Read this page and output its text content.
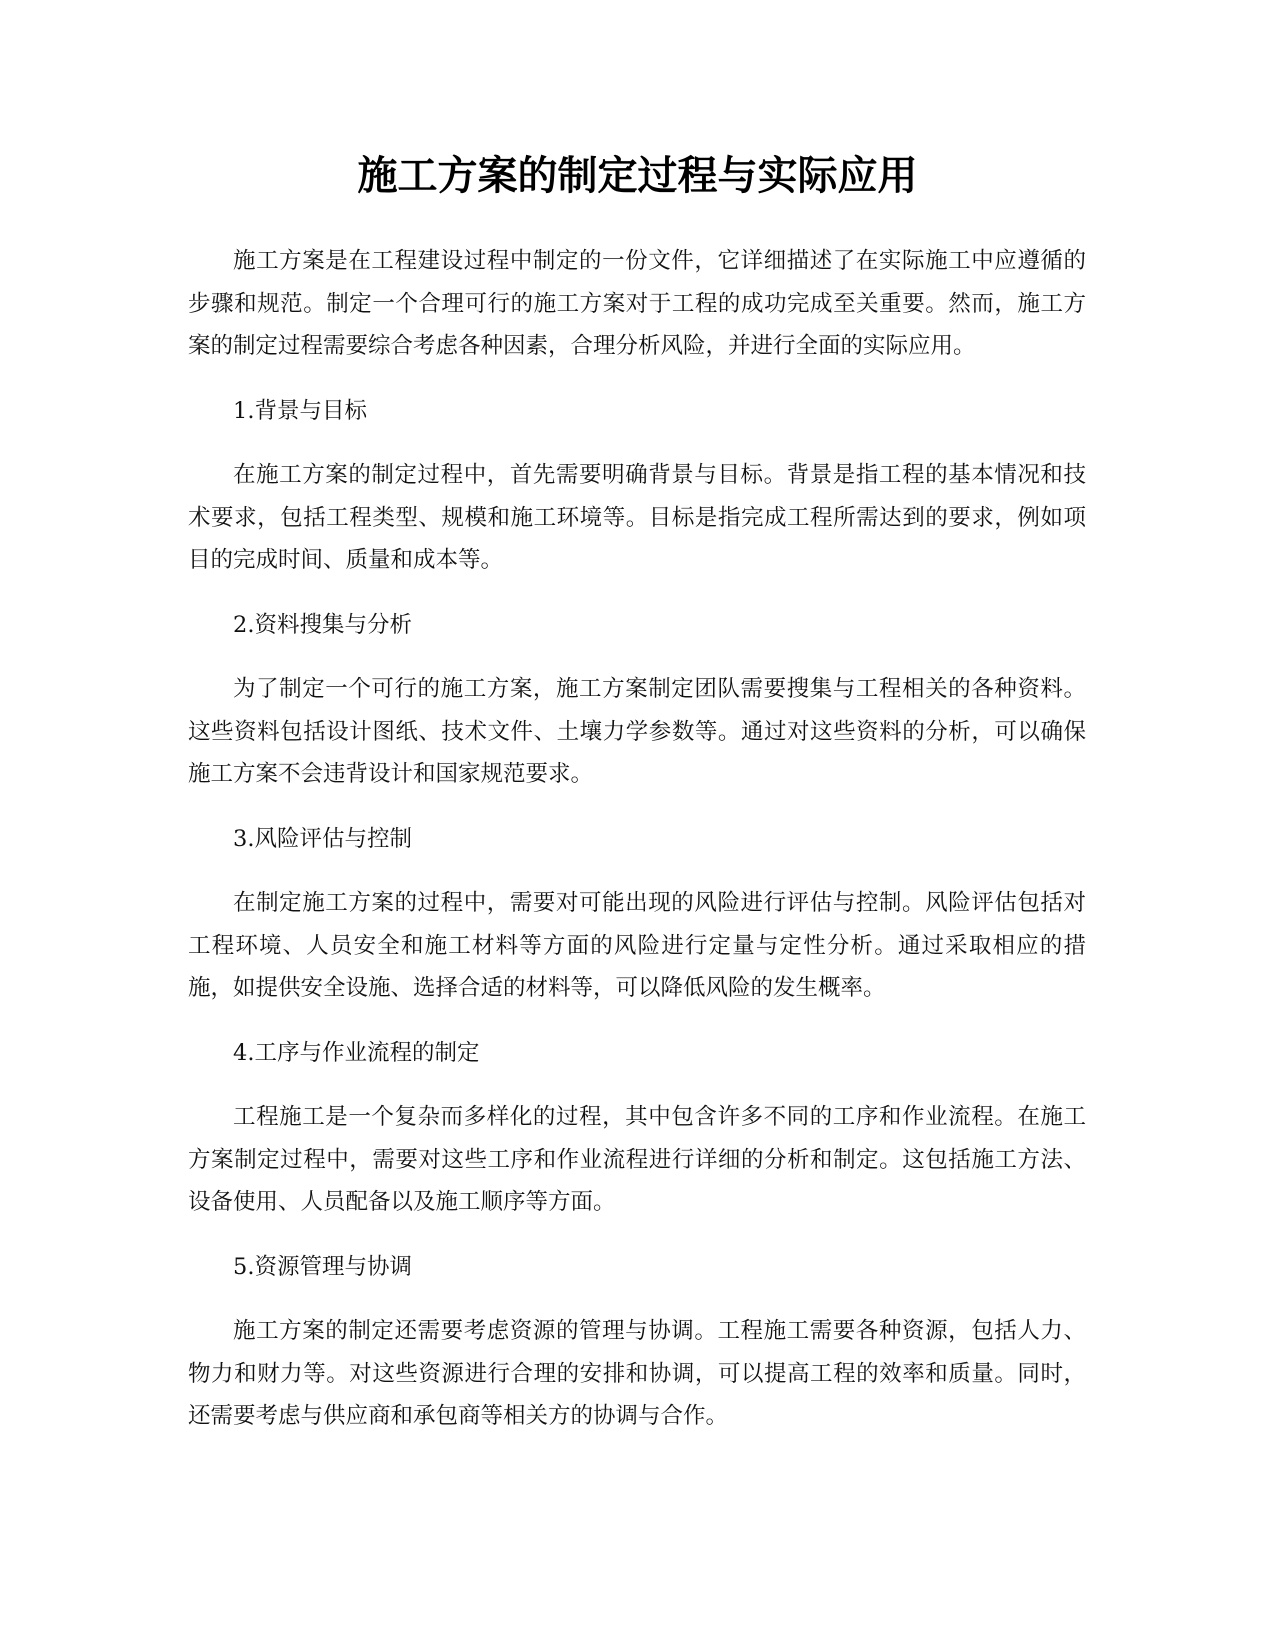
施工方案的制定过程与实际应用

施工方案是在工程建设过程中制定的一份文件，它详细描述了在实际施工中应遵循的步骤和规范。制定一个合理可行的施工方案对于工程的成功完成至关重要。然而，施工方案的制定过程需要综合考虑各种因素，合理分析风险，并进行全面的实际应用。

1.背景与目标

在施工方案的制定过程中，首先需要明确背景与目标。背景是指工程的基本情况和技术要求，包括工程类型、规模和施工环境等。目标是指完成工程所需达到的要求，例如项目的完成时间、质量和成本等。

2.资料搜集与分析

为了制定一个可行的施工方案，施工方案制定团队需要搜集与工程相关的各种资料。这些资料包括设计图纸、技术文件、土壤力学参数等。通过对这些资料的分析，可以确保施工方案不会违背设计和国家规范要求。

3.风险评估与控制

在制定施工方案的过程中，需要对可能出现的风险进行评估与控制。风险评估包括对工程环境、人员安全和施工材料等方面的风险进行定量与定性分析。通过采取相应的措施，如提供安全设施、选择合适的材料等，可以降低风险的发生概率。

4.工序与作业流程的制定

工程施工是一个复杂而多样化的过程，其中包含许多不同的工序和作业流程。在施工方案制定过程中，需要对这些工序和作业流程进行详细的分析和制定。这包括施工方法、设备使用、人员配备以及施工顺序等方面。

5.资源管理与协调

施工方案的制定还需要考虑资源的管理与协调。工程施工需要各种资源，包括人力、物力和财力等。对这些资源进行合理的安排和协调，可以提高工程的效率和质量。同时，还需要考虑与供应商和承包商等相关方的协调与合作。
